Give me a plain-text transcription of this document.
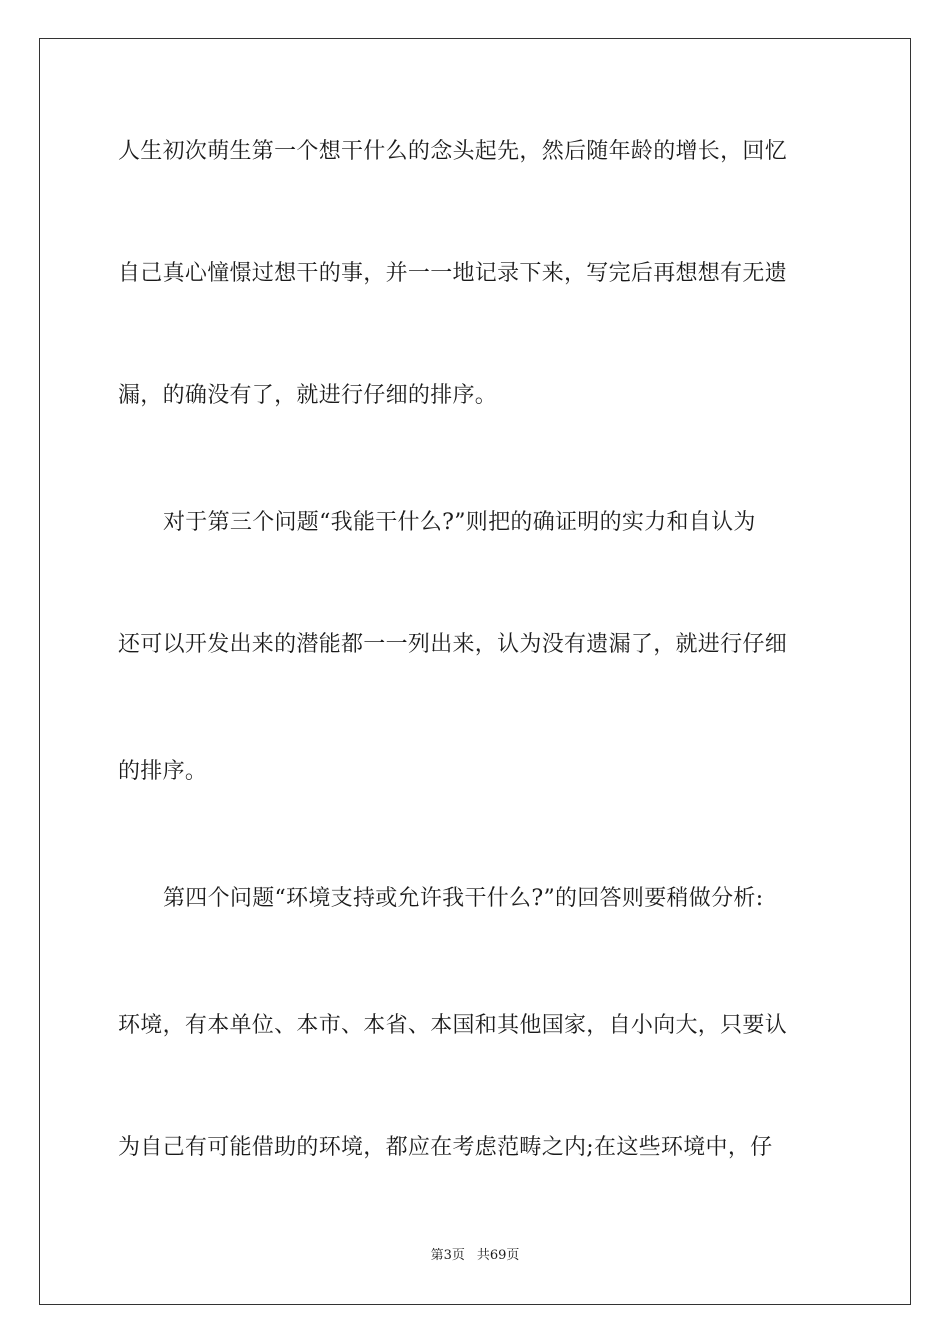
人生初次萌生第一个想干什么的念头起先，然后随年龄的增长，回忆
自己真心憧憬过想干的事，并一一地记录下来，写完后再想想有无遗
漏，的确没有了，就进行仔细的排序。
对于第三个问题“我能干什么?”则把的确证明的实力和自认为
还可以开发出来的潜能都一一列出来，认为没有遗漏了，就进行仔细
的排序。
第四个问题“环境支持或允许我干什么?”的回答则要稍做分析:
环境，有本单位、本市、本省、本国和其他国家，自小向大，只要认
为自己有可能借助的环境，都应在考虑范畴之内;在这些环境中，仔
第3页 共69页
